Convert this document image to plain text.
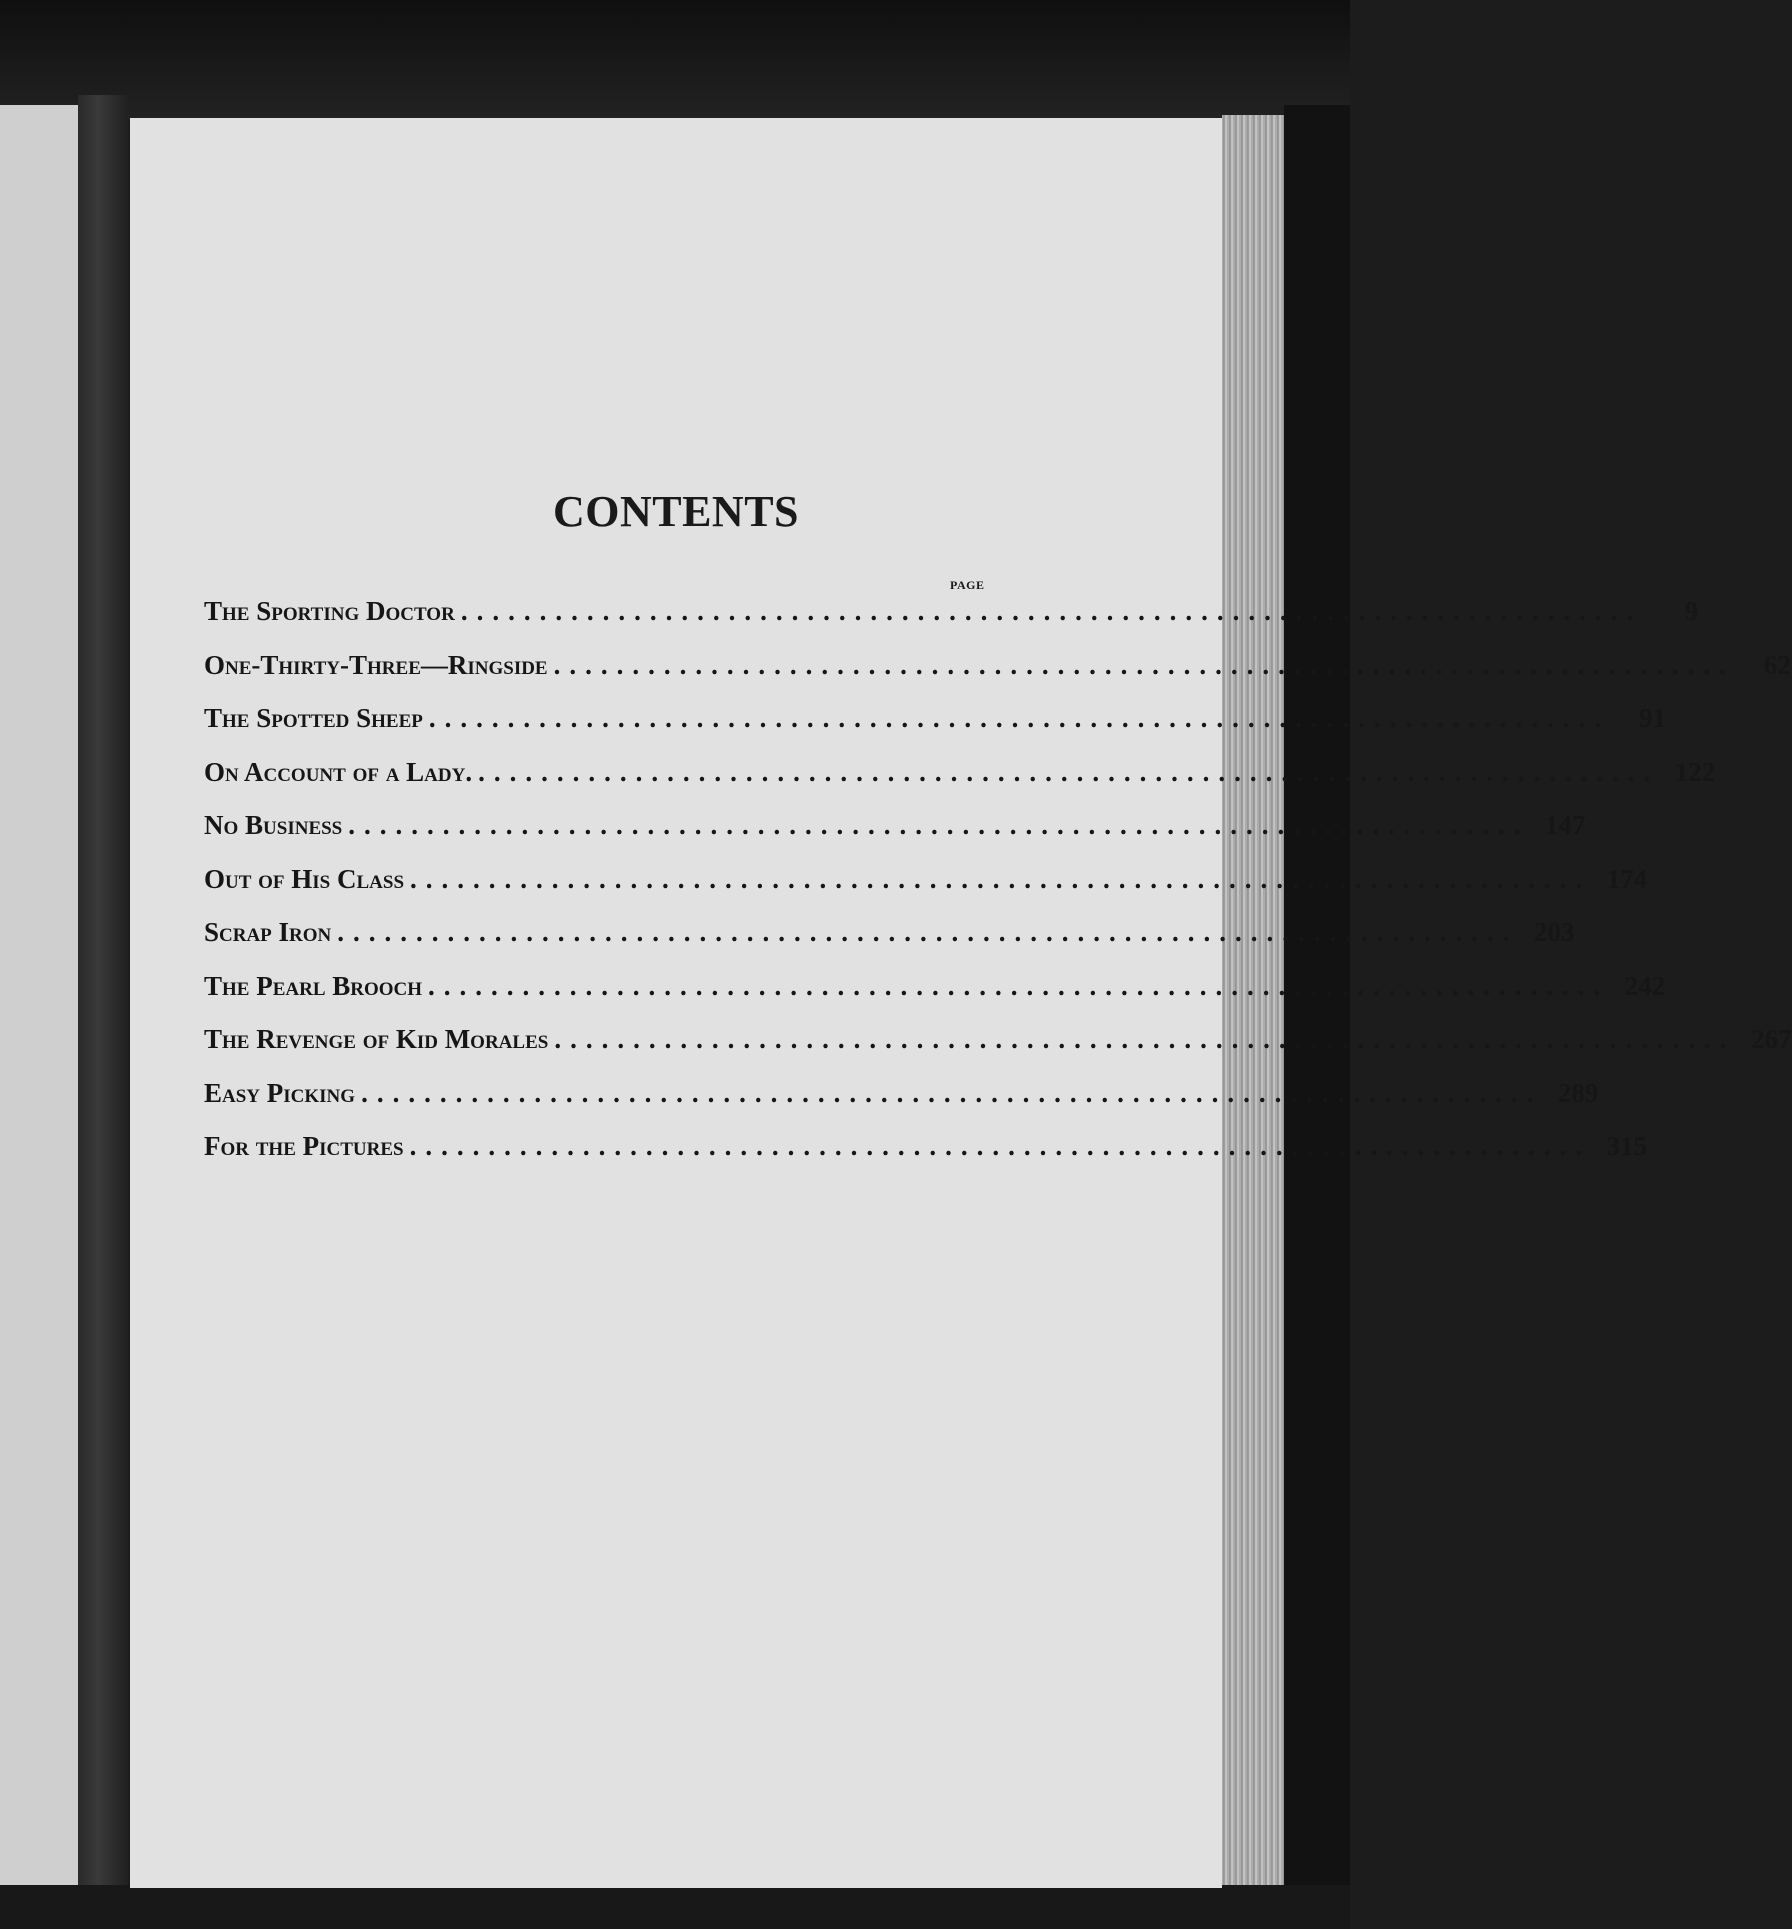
CONTENTS
PAGE
The Sporting Doctor ...........................................................................	9
One-Thirty-Three—Ringside ...........................................................................	62
The Spotted Sheep ...........................................................................	91
On Account of a Lady. ........................................................................... 122
No Business ........................................................................... 147
Out of His Class ........................................................................... 174
Scrap Iron ........................................................................... 203
The Pearl Brooch ........................................................................... 242
The Revenge of Kid Morales ........................................................................... 267
Easy Picking ........................................................................... 289
For the Pictures ........................................................................... 315
